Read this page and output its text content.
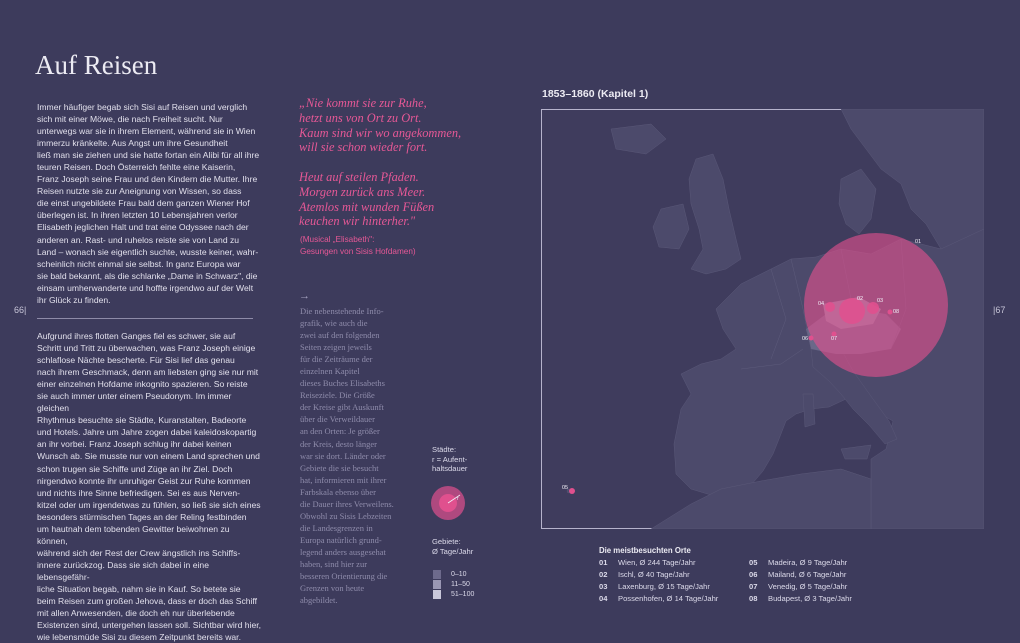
Auf Reisen
66|	|67
Immer häufiger begab sich Sisi auf Reisen und verglich
sich mit einer Möwe, die nach Freiheit sucht. Nur
unterwegs war sie in ihrem Element, während sie in Wien
immerzu kränkelte. Aus Angst um ihre Gesundheit
ließ man sie ziehen und sie hatte fortan ein Alibi für all ihre
teuren Reisen. Doch Österreich fehlte eine Kaiserin,
Franz Joseph seine Frau und den Kindern die Mutter. Ihre
Reisen nutzte sie zur Aneignung von Wissen, so dass
die einst ungebildete Frau bald dem ganzen Wiener Hof
überlegen ist. In ihren letzten 10 Lebensjahren verlor
Elisabeth jeglichen Halt und trat eine Odyssee nach der
anderen an. Rast- und ruhelos reiste sie von Land zu
Land – wonach sie eigentlich suchte, wusste keiner, wahr-
scheinlich nicht einmal sie selbst. In ganz Europa war
sie bald bekannt, als die schlanke „Dame in Schwarz", die
einsam umherwanderte und hoffte irgendwo auf der Welt
ihr Glück zu finden.
Aufgrund ihres flotten Ganges fiel es schwer, sie auf
Schritt und Tritt zu überwachen, was Franz Joseph einige
schlaflose Nächte bescherte. Für Sisi lief das genau
nach ihrem Geschmack, denn am liebsten ging sie nur mit
einer einzelnen Hofdame inkognito spazieren. So reiste
sie auch immer unter einem Pseudonym. Im immer gleichen
Rhythmus besuchte sie Städte, Kuranstalten, Badeorte
und Hotels. Jahre um Jahre zogen dabei kaleidoskopartig
an ihr vorbei. Franz Joseph schlug ihr dabei keinen
Wunsch ab. Sie musste nur von einem Land sprechen und
schon trugen sie Schiffe und Züge an ihr Ziel. Doch
nirgendwo konnte ihr unruhiger Geist zur Ruhe kommen
und nichts ihre Sinne befriedigen. Sei es aus Nerven-
kitzel oder um irgendetwas zu fühlen, so ließ sie sich eines
besonders stürmischen Tages an der Reling festbinden
um hautnah dem tobenden Gewitter beiwohnen zu können,
während sich der Rest der Crew ängstlich ins Schiffs-
innere zurückzog. Dass sie sich dabei in eine lebensgefähr-
liche Situation begab, nahm sie in Kauf. So betete sie
beim Reisen zum großen Jehova, dass er doch das Schiff
mit allen Anwesenden, die doch eh nur überlebende
Existenzen sind, untergehen lassen soll. Sichtbar wird hier,
wie lebensmüde Sisi zu diesem Zeitpunkt bereits war.
„Nie kommt sie zur Ruhe,
hetzt uns von Ort zu Ort.
Kaum sind wir wo angekommen,
will sie schon wieder fort.
Heut auf steilen Pfaden.
Morgen zurück ans Meer.
Atemlos mit wunden Füßen
keuchen wir hinterher."
(Musical „Elisabeth":
Gesungen von Sisis Hofdamen)
→
Die nebenstehende Info-
grafik, wie auch die
zwei auf den folgenden
Seiten zeigen jeweils
für die Zeiträume der
einzelnen Kapitel
dieses Buches Elisabeths
Reiseziele. Die Größe
der Kreise gibt Auskunft
über die Verweildauer
an den Orten: Je größer
der Kreis, desto länger
war sie dort. Länder oder
Gebiete die sie besucht
hat, informieren mit ihrer
Farbskala ebenso über
die Dauer ihres Verweilens.
Obwohl zu Sisis Lebzeiten
die Landesgrenzen in
Europa natürlich grund-
legend anders ausgesehat
haben, sind hier zur
besseren Orientierung die
Grenzen von heute
abgebildet.
1853–1860 (Kapitel 1)
01
02	03
04
05
06	07
08
Städte:
r = Aufent-
haltsdauer
r
Gebiete:
Ø Tage/Jahr
0–10
11–50
51–100
Die meistbesuchten Orte
01 Wien, Ø 244 Tage/Jahr
02 Ischl, Ø 40 Tage/Jahr
03 Laxenburg, Ø 15 Tage/Jahr
04 Possenhofen, Ø 14 Tage/Jahr
05 Madeira, Ø 9 Tage/Jahr
06 Mailand, Ø 6 Tage/Jahr
07 Venedig, Ø 5 Tage/Jahr
08 Budapest, Ø 3 Tage/Jahr
